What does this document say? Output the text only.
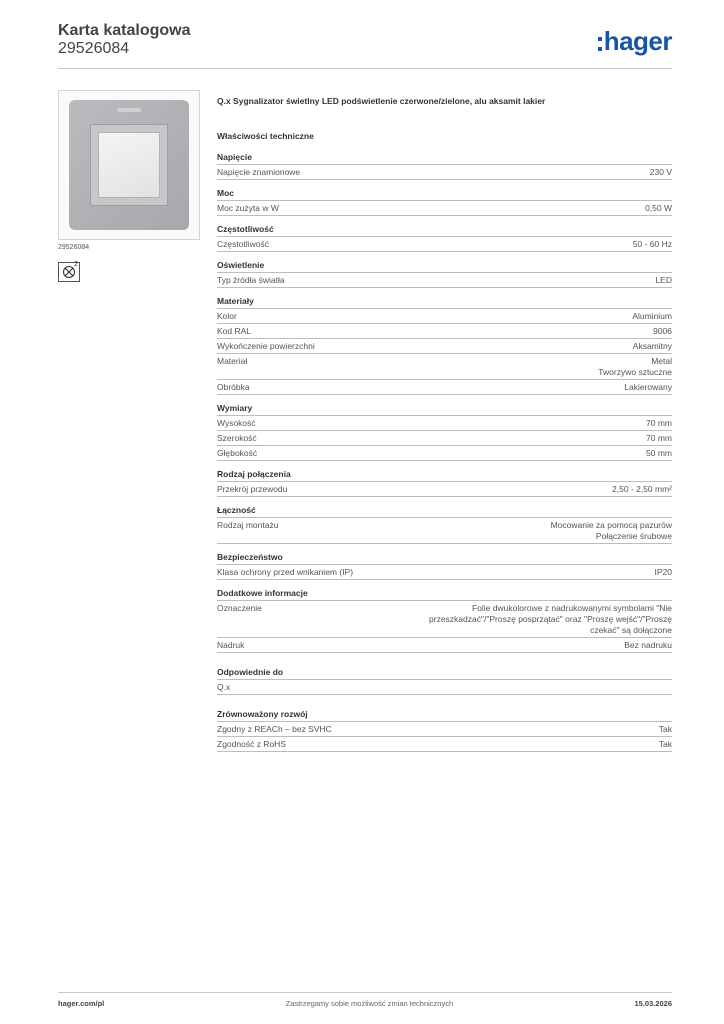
Karta katalogowa
29526084	hager
29526084
2
Q.x Sygnalizator świetlny LED podświetlenie czerwone/zielone, alu aksamit lakier
Właściwości techniczne
Napięcie
Napięcie znamionowe	230 V
Moc
Moc zużyta w W	0,50 W
Częstotliwość
Częstotliwość	50 - 60 Hz
Oświetlenie
Typ źródła światła	LED
Materiały
Kolor	Aluminium
Kod RAL	9006
Wykończenie powierzchni	Aksamitny
Materiał	Metal
Tworzywo sztuczne
Obróbka	Lakierowany
Wymiary
Wysokość	70 mm
Szerokość	70 mm
Głębokość	50 mm
Rodzaj połączenia
Przekrój przewodu	2,50 - 2,50 mm²
Łączność
Rodzaj montażu	Mocowanie za pomocą pazurów
Połączenie śrubowe
Bezpieczeństwo
Klasa ochrony przed wnikaniem (IP)	IP20
Dodatkowe informacje
Oznaczenie	Folie dwukolorowe z nadrukowanymi symbolami "Nie
przeszkadzać"/"Proszę posprzątać" oraz "Proszę wejść"/"Proszę
czekać" są dołączone
Nadruk	Bez nadruku
Odpowiednie do
Q.x
Zrównoważony rozwój
Zgodny z REACh – bez SVHC	Tak
Zgodność z RoHS	Tak
hager.com/pl	Zastrzegamy sobie możliwość zmian technicznych	15.03.2026
